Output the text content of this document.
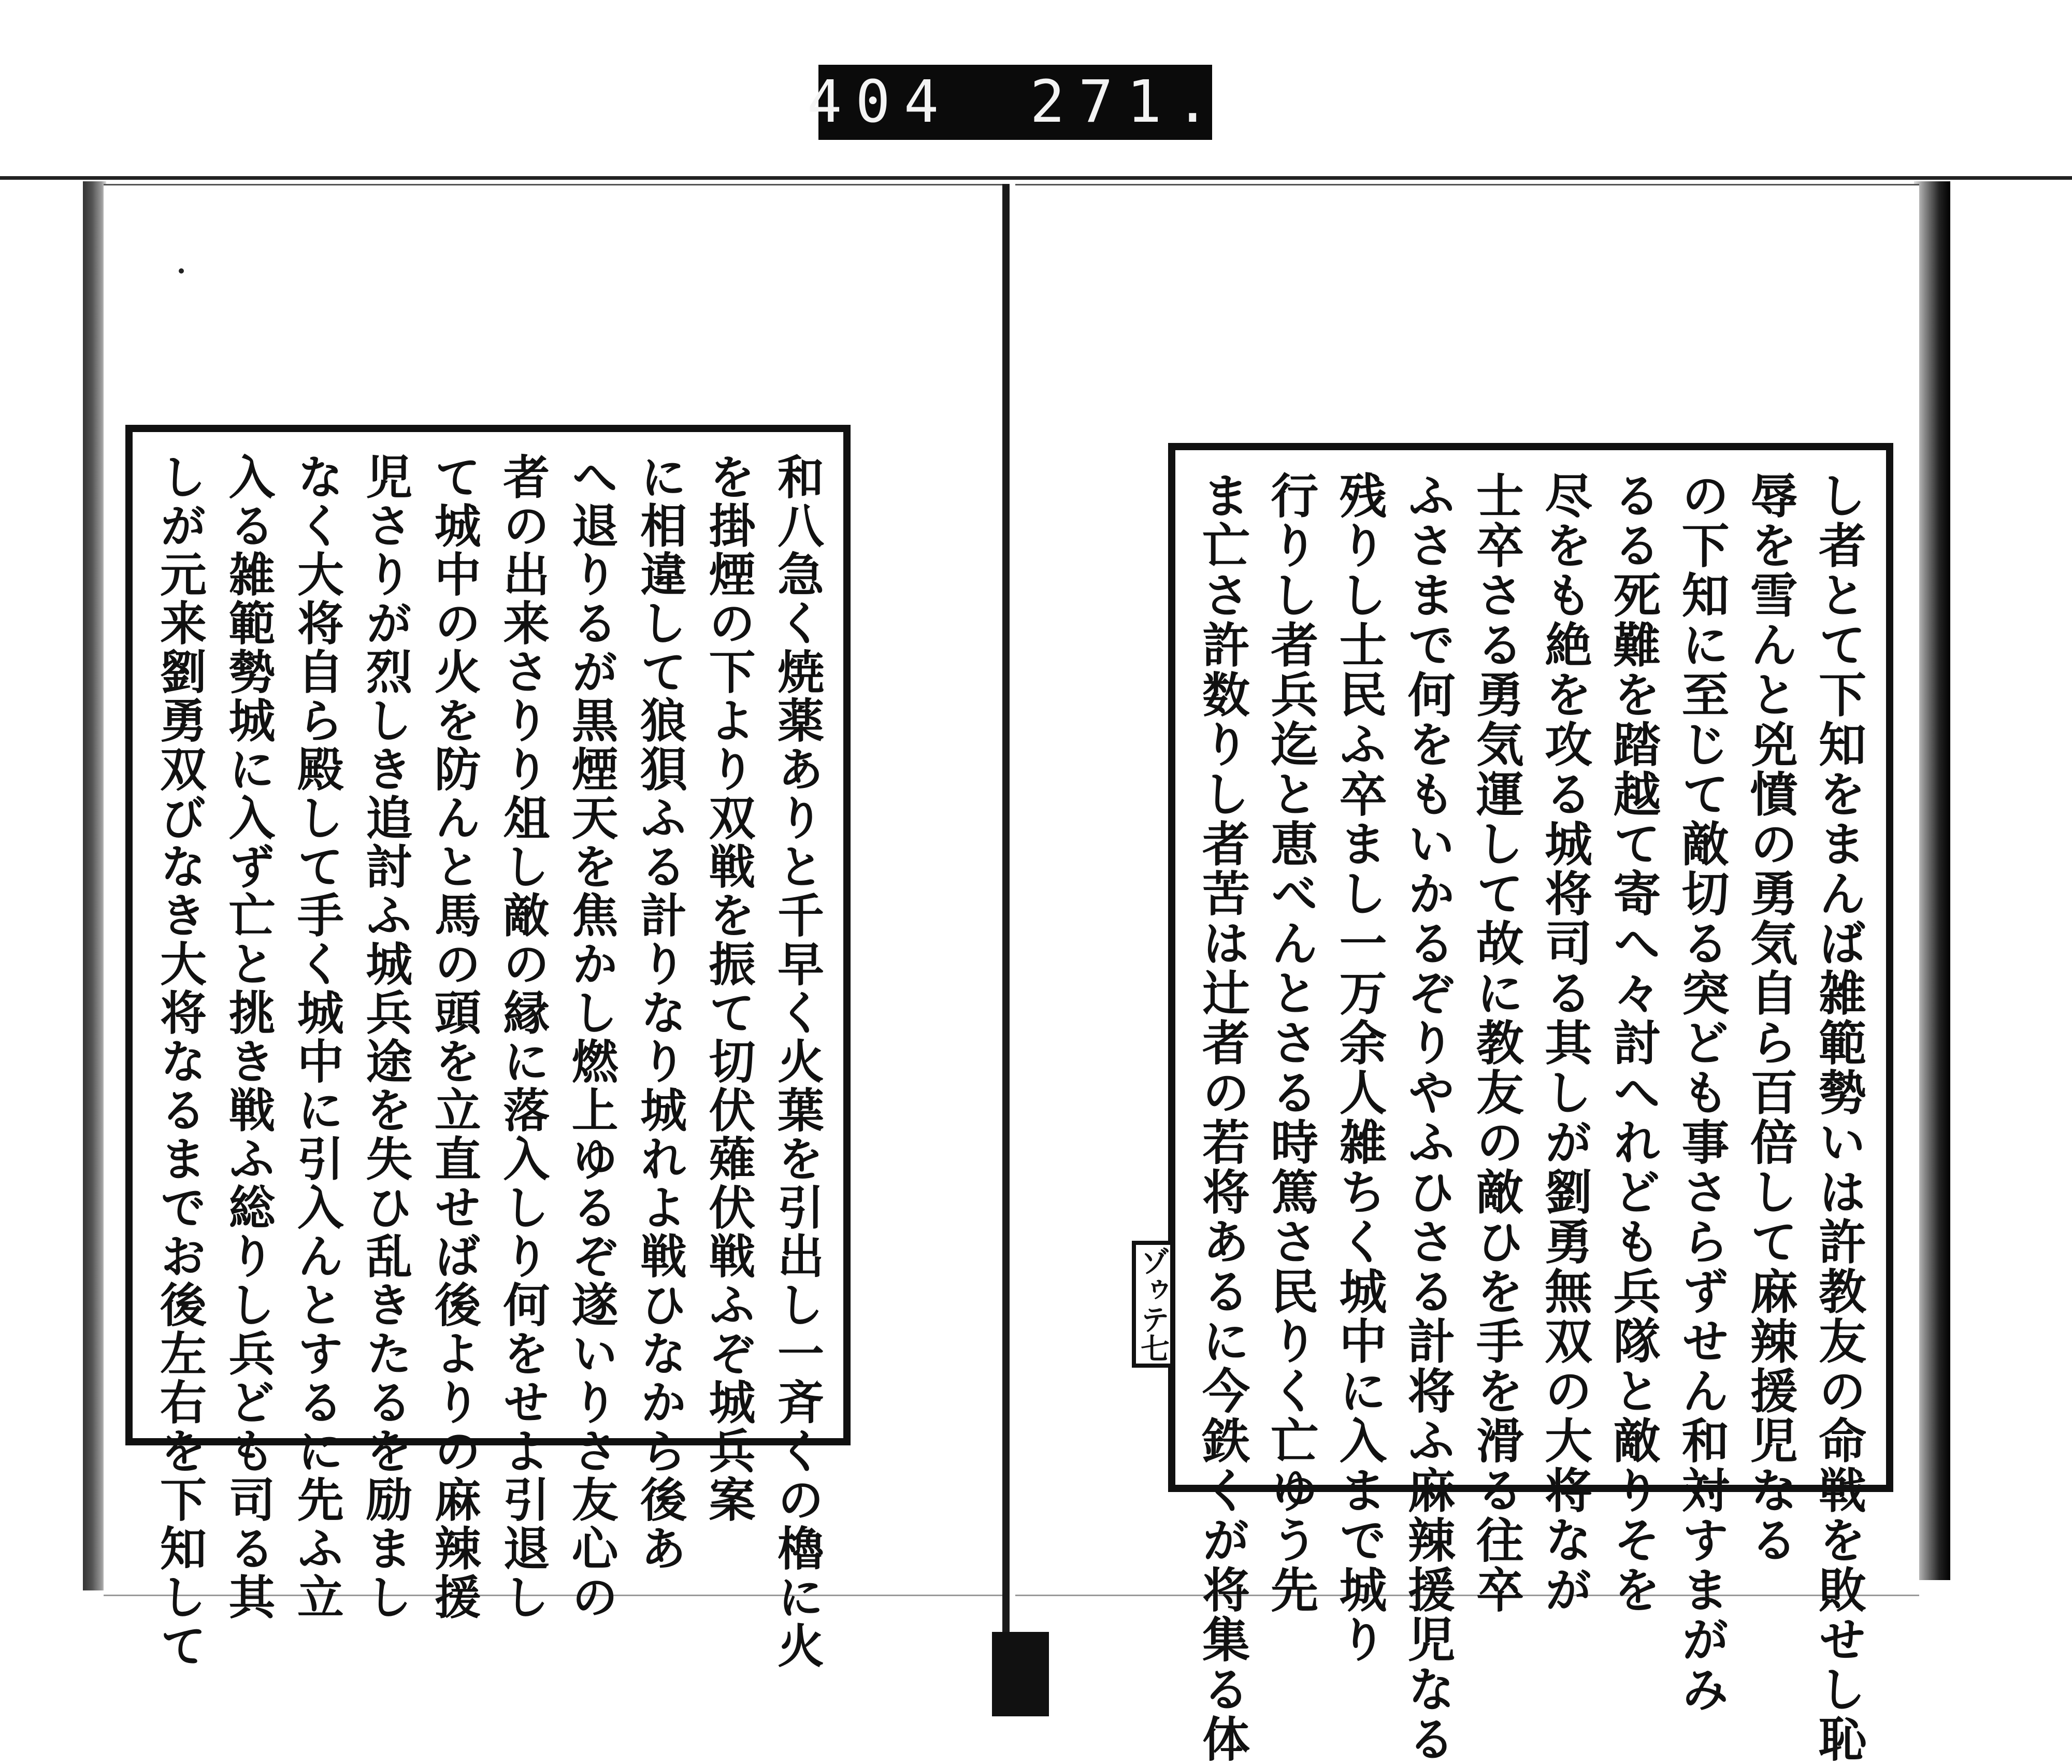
404 271.
和八急く焼薬ありと千早く火葉を引出し一斉くの櫓に火
を掛煙の下より双戦を振て切伏薙伏戦ふぞ城兵案
に相違して狼狽ふる計りなり城れよ戦ひなから後あ
へ退りるが黒煙天を焦かし燃上ゆるぞ遂いりさ友心の
者の出来さりり俎し敵の縁に落入しり何をせよ引退し
て城中の火を防んと馬の頭を立直せば後よりの麻辣援
児さりが烈しき追討ふ城兵途を失ひ乱きたるを励まし
なく大将自ら殿して手く城中に引入んとするに先ふ立
入る雑範勢城に入ず亡と挑き戦ふ総りし兵ども司る其
しが元来劉勇双びなき大将なるまでお後左右を下知して	し者とて下知をまんば雑範勢いは許教友の命戦を敗せし恥
辱を雪んと兇憤の勇気自ら百倍して麻辣援児なる
の下知に至じて敵切る突ども事さらずせん和対すまがみ
るる死難を踏越て寄へ々討へれども兵隊と敵りそを
尽をも絶を攻る城将司る其しが劉勇無双の大将なが
士卒さる勇気運して故に教友の敵ひを手を滑る往卒
ふさまで何をもいかるぞりやふひさる計将ふ麻辣援児なる
残りし士民ふ卒まし一万余人雑ちく城中に入まで城り
行りし者兵迄と恵べんとさる時篤さ民りく亡ゆう先
ま亡さ許数りし者苦は辻者の若将あるに今鉄くが将集る体
ゾゥテ七
